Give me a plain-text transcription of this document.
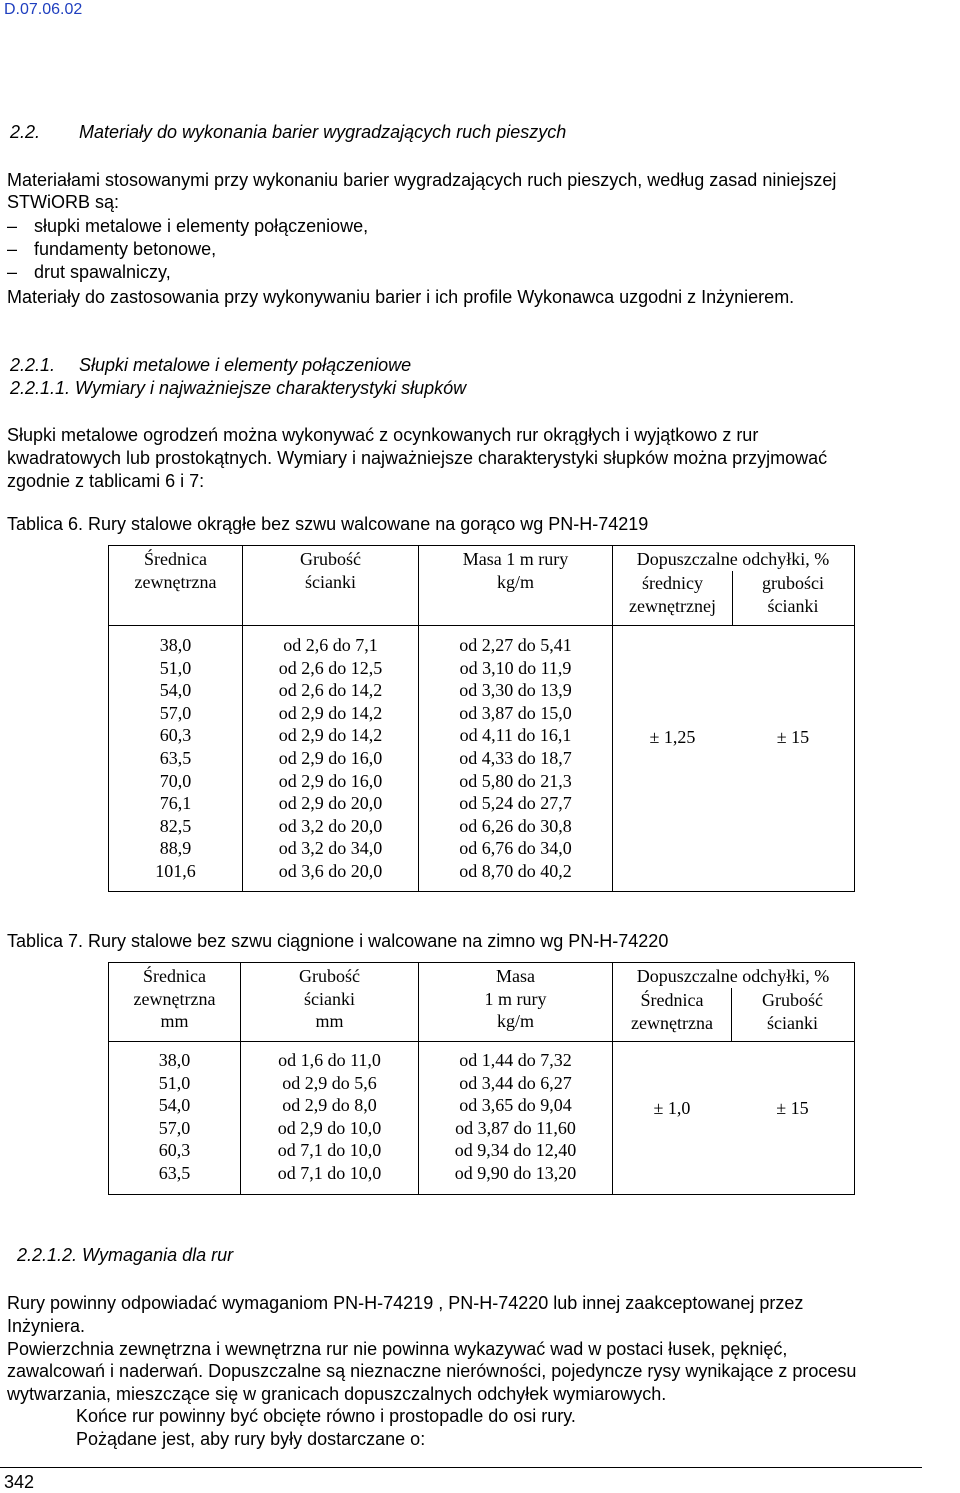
D.07.06.02
2.2. Materiały do wykonania barier wygradzających ruch pieszych
Materiałami stosowanymi przy wykonaniu barier wygradzających ruch pieszych, według zasad niniejszej
STWiORB są:
– słupki metalowe i elementy połączeniowe,
– fundamenty betonowe,
– drut spawalniczy,
Materiały do zastosowania przy wykonywaniu barier i ich profile Wykonawca uzgodni z Inżynierem.
2.2.1. Słupki metalowe i elementy połączeniowe
2.2.1.1. Wymiary i najważniejsze charakterystyki słupków
Słupki metalowe ogrodzeń można wykonywać z ocynkowanych rur okrągłych i wyjątkowo z rur
kwadratowych lub prostokątnych. Wymiary i najważniejsze charakterystyki słupków można przyjmować
zgodnie z tablicami 6 i 7:
Tablica 6. Rury stalowe okrągłe bez szwu walcowane na gorąco wg PN-H-74219
Średnica
zewnętrzna
Grubość
ścianki
Masa 1 m rury
kg/m
Dopuszczalne odchyłki, %
średnicy
zewnętrznej
grubości
ścianki
38,0
51,0
54,0
57,0
60,3
63,5
70,0
76,1
82,5
88,9
101,6
od 2,6 do 7,1
od 2,6 do 12,5
od 2,6 do 14,2
od 2,9 do 14,2
od 2,9 do 14,2
od 2,9 do 16,0
od 2,9 do 16,0
od 2,9 do 20,0
od 3,2 do 20,0
od 3,2 do 34,0
od 3,6 do 20,0
od 2,27 do 5,41
od 3,10 do 11,9
od 3,30 do 13,9
od 3,87 do 15,0
od 4,11 do 16,1
od 4,33 do 18,7
od 5,80 do 21,3
od 5,24 do 27,7
od 6,26 do 30,8
od 6,76 do 34,0
od 8,70 do 40,2
± 1,25	± 15
Tablica 7. Rury stalowe bez szwu ciągnione i walcowane na zimno wg PN-H-74220
Średnica
zewnętrzna
mm
Grubość
ścianki
mm
Masa
1 m rury
kg/m
Dopuszczalne odchyłki, %
Średnica
zewnętrzna
Grubość
ścianki
38,0
51,0
54,0
57,0
60,3
63,5
od 1,6 do 11,0
od 2,9 do 5,6
od 2,9 do 8,0
od 2,9 do 10,0
od 7,1 do 10,0
od 7,1 do 10,0
od 1,44 do 7,32
od 3,44 do 6,27
od 3,65 do 9,04
od 3,87 do 11,60
od 9,34 do 12,40
od 9,90 do 13,20
± 1,0	± 15
2.2.1.2. Wymagania dla rur
Rury powinny odpowiadać wymaganiom PN-H-74219 , PN-H-74220 lub innej zaakceptowanej przez
Inżyniera.
Powierzchnia zewnętrzna i wewnętrzna rur nie powinna wykazywać wad w postaci łusek, pęknięć,
zawalcowań i naderwań. Dopuszczalne są nieznaczne nierówności, pojedyncze rysy wynikające z procesu
wytwarzania, mieszczące się w granicach dopuszczalnych odchyłek wymiarowych.
Końce rur powinny być obcięte równo i prostopadle do osi rury.
Pożądane jest, aby rury były dostarczane o:
342
